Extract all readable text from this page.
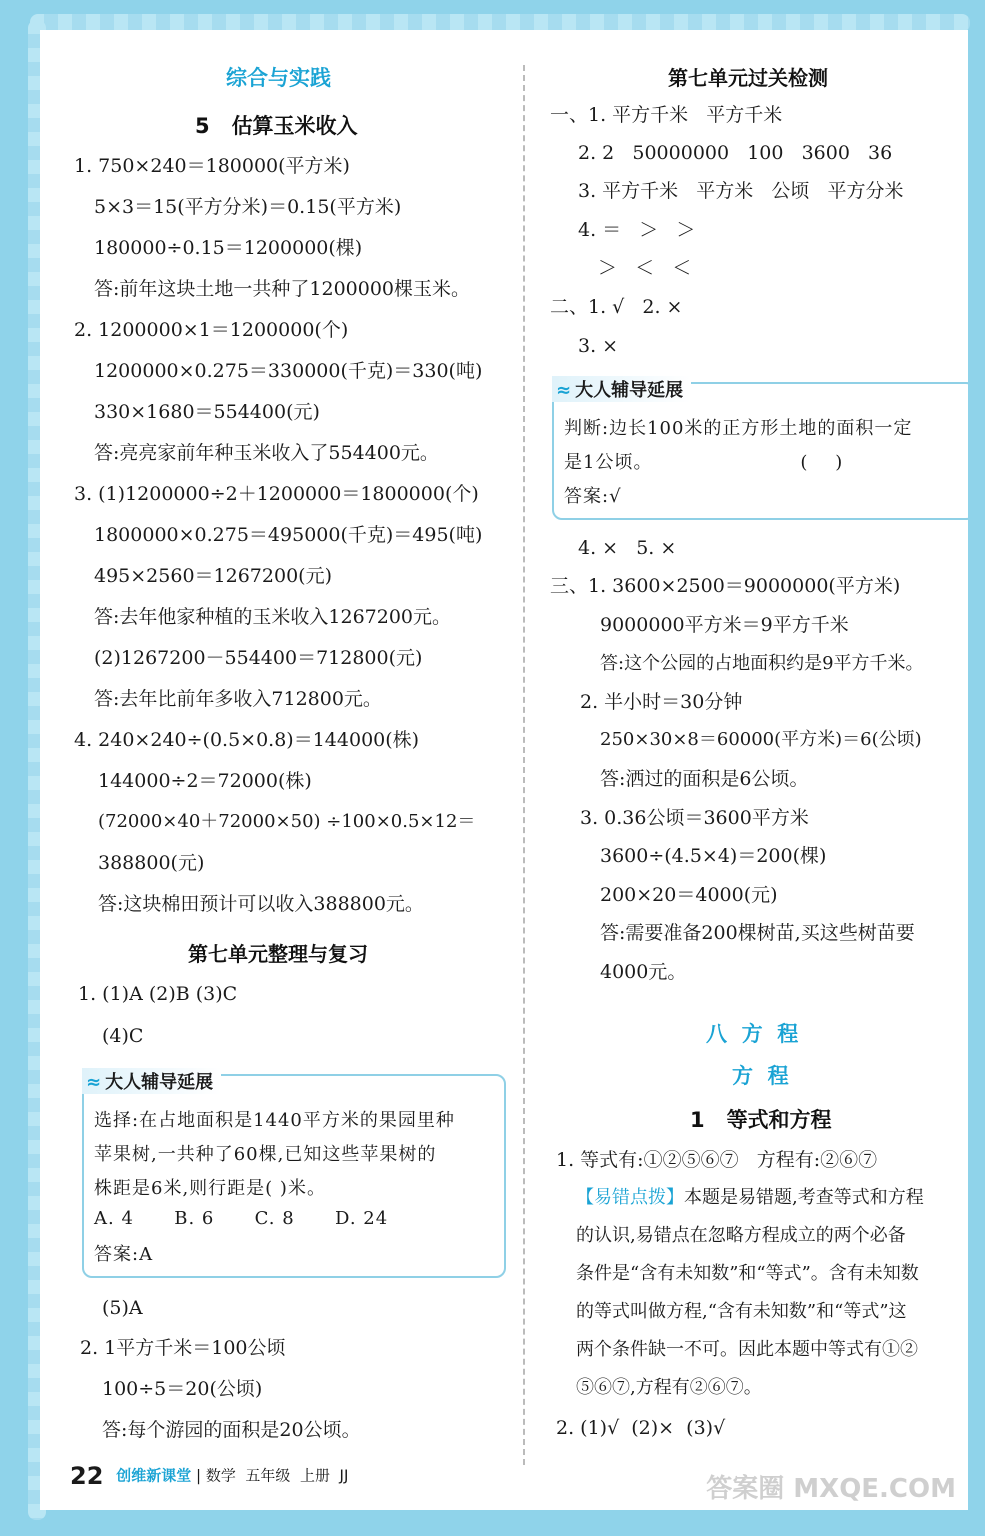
综合与实践
5 估算玉米收入
1. 750×240＝180000(平方米)
5×3＝15(平方分米)＝0.15(平方米)
180000÷0.15＝1200000(棵)
答:前年这块土地一共种了1200000棵玉米。
2. 1200000×1＝1200000(个)
1200000×0.275＝330000(千克)＝330(吨)
330×1680＝554400(元)
答:亮亮家前年种玉米收入了554400元。
3. (1)1200000÷2＋1200000＝1800000(个)
1800000×0.275＝495000(千克)＝495(吨)
495×2560＝1267200(元)
答:去年他家种植的玉米收入1267200元。
(2)1267200－554400＝712800(元)
答:去年比前年多收入712800元。
4. 240×240÷(0.5×0.8)＝144000(株)
144000÷2＝72000(株)
(72000×40＋72000×50) ÷100×0.5×12＝
388800(元)
答:这块棉田预计可以收入388800元。
第七单元整理与复习
1. (1)A (2)B (3)C
(4)C
≈ 大人辅导延展
选择:在占地面积是1440平方米的果园里种
苹果树,一共种了60棵,已知这些苹果树的
株距是6米,则行距是( )米。
A. 4      B. 6      C. 8      D. 24
答案:A
(5)A
2. 1平方千米＝100公顷
100÷5＝20(公顷)
答:每个游园的面积是20公顷。
第七单元过关检测
一、1. 平方千米   平方千米
2. 2   50000000   100   3600   36
3. 平方千米   平方米   公顷   平方分米
4. ＝   ＞   ＞
＞   ＜   ＜
二、1. √   2. ×
3. ×
≈ 大人辅导延展
判断:边长100米的正方形土地的面积一定
是1公顷。                      (    )
答案:√
4. ×   5. ×
三、1. 3600×2500＝9000000(平方米)
9000000平方米＝9平方千米
答:这个公园的占地面积约是9平方千米。
2. 半小时＝30分钟
250×30×8＝60000(平方米)＝6(公顷)
答:洒过的面积是6公顷。
3. 0.36公顷＝3600平方米
3600÷(4.5×4)＝200(棵)
200×20＝4000(元)
答:需要准备200棵树苗,买这些树苗要
4000元。
八  方  程
方  程
1 等式和方程
1. 等式有:①②⑤⑥⑦   方程有:②⑥⑦
【易错点拨】本题是易错题,考查等式和方程
的认识,易错点在忽略方程成立的两个必备
条件是“含有未知数”和“等式”。含有未知数
的等式叫做方程,“含有未知数”和“等式”这
两个条件缺一不可。因此本题中等式有①②
⑤⑥⑦,方程有②⑥⑦。
2. (1)√  (2)×  (3)√
22 创维新课堂 | 数学 五年级 上册 JJ	答案圈 MXQE.COM
